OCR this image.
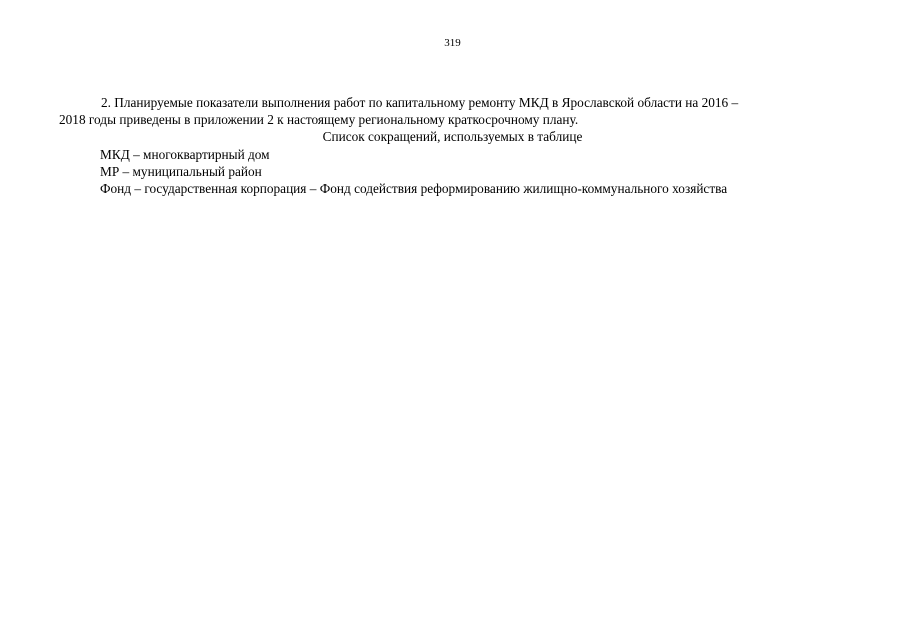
319
2. Планируемые показатели выполнения работ по капитальному ремонту МКД в Ярославской области на 2016 –
2018 годы приведены в приложении 2 к настоящему региональному краткосрочному плану.
Список сокращений, используемых в таблице
МКД – многоквартирный дом
МР – муниципальный район
Фонд – государственная корпорация – Фонд содействия реформированию жилищно-коммунального хозяйства
